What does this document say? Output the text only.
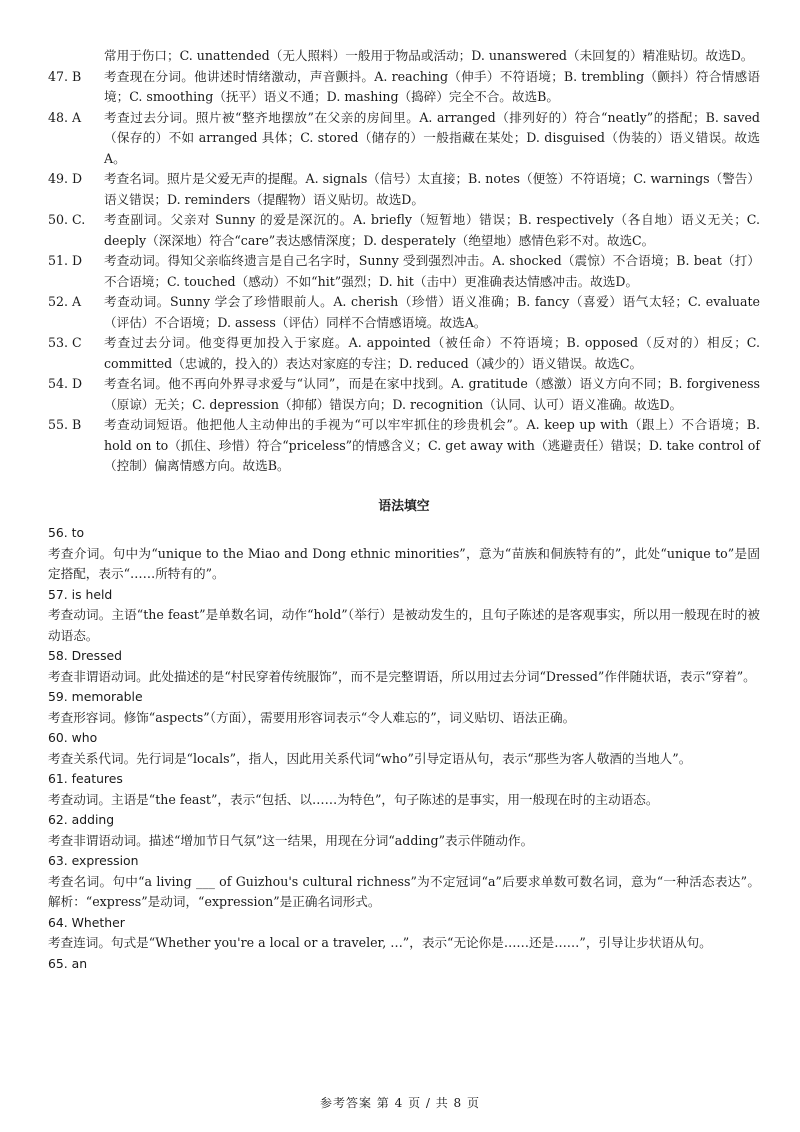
常用于伤口；C. unattended（无人照料）一般用于物品或活动；D. unanswered（未回复的）精准贴切。故选D。
47. B	考查现在分词。他讲述时情绪激动，声音颤抖。A. reaching（伸手）不符语境；B. trembling（颤抖）符合情感语境；C. smoothing（抚平）语义不通；D. mashing（捣碎）完全不合。故选B。
48. A	考查过去分词。照片被“整齐地摆放”在父亲的房间里。A. arranged（排列好的）符合“neatly”的搭配；B. saved（保存的）不如 arranged 具体；C. stored（储存的）一般指藏在某处；D. disguised（伪装的）语义错误。故选A。
49. D	考查名词。照片是父爱无声的提醒。A. signals（信号）太直接；B. notes（便签）不符语境；C. warnings（警告）语义错误；D. reminders（提醒物）语义贴切。故选D。
50. C.	考查副词。父亲对 Sunny 的爱是深沉的。A. briefly（短暂地）错误；B. respectively（各自地）语义无关；C. deeply（深深地）符合“care”表达感情深度；D. desperately（绝望地）感情色彩不对。故选C。
51. D	考查动词。得知父亲临终遗言是自己名字时，Sunny 受到强烈冲击。A. shocked（震惊）不合语境；B. beat（打）不合语境；C. touched（感动）不如“hit”强烈；D. hit（击中）更准确表达情感冲击。故选D。
52. A	考查动词。Sunny 学会了珍惜眼前人。A. cherish（珍惜）语义准确；B. fancy（喜爱）语气太轻；C. evaluate（评估）不合语境；D. assess（评估）同样不合情感语境。故选A。
53. C	考查过去分词。他变得更加投入于家庭。A. appointed（被任命）不符语境；B. opposed（反对的）相反；C. committed（忠诚的，投入的）表达对家庭的专注；D. reduced（减少的）语义错误。故选C。
54. D	考查名词。他不再向外界寻求爱与“认同”，而是在家中找到。A. gratitude（感激）语义方向不同；B. forgiveness（原谅）无关；C. depression（抑郁）错误方向；D. recognition（认同、认可）语义准确。故选D。
55. B	考查动词短语。他把他人主动伸出的手视为“可以牢牢抓住的珍贵机会”。A. keep up with（跟上）不合语境；B. hold on to（抓住、珍惜）符合“priceless”的情感含义；C. get away with（逃避责任）错误；D. take control of（控制）偏离情感方向。故选B。
语法填空
56. to
考查介词。句中为“unique to the Miao and Dong ethnic minorities”，意为“苗族和侗族特有的”，此处“unique to”是固定搭配，表示“……所特有的”。
57. is held
考查动词。主语“the feast”是单数名词，动作“hold”（举行）是被动发生的，且句子陈述的是客观事实，所以用一般现在时的被动语态。
58. Dressed
考查非谓语动词。此处描述的是“村民穿着传统服饰”，而不是完整谓语，所以用过去分词“Dressed”作伴随状语，表示“穿着”。
59. memorable
考查形容词。修饰“aspects”（方面），需要用形容词表示“令人难忘的”，词义贴切、语法正确。
60. who
考查关系代词。先行词是“locals”，指人，因此用关系代词“who”引导定语从句，表示“那些为客人敬酒的当地人”。
61. features
考查动词。主语是“the feast”，表示“包括、以……为特色”，句子陈述的是事实，用一般现在时的主动语态。
62. adding
考查非谓语动词。描述“增加节日气氛”这一结果，用现在分词“adding”表示伴随动作。
63. expression
考查名词。句中“a living ___ of Guizhou's cultural richness”为不定冠词“a”后要求单数可数名词，意为“一种活态表达”。解析：“express”是动词，“expression”是正确名词形式。
64. Whether
考查连词。句式是“Whether you're a local or a traveler, …”，表示“无论你是……还是……”，引导让步状语从句。
65. an
参考答案 第 4 页 / 共 8 页
